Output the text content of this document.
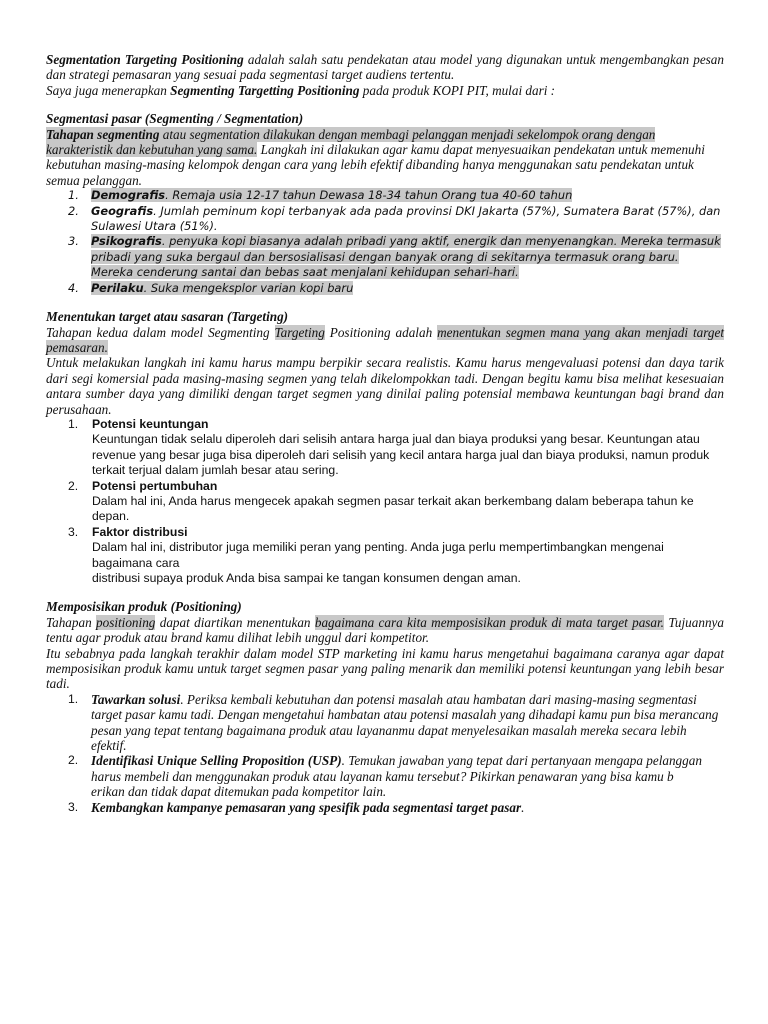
Segmentation Targeting Positioning adalah salah satu pendekatan atau model yang digunakan untuk mengembangkan pesan dan strategi pemasaran yang sesuai pada segmentasi target audiens tertentu.

Saya juga menerapkan Segmenting Targetting Positioning pada produk KOPI PIT, mulai dari :

Segmentasi pasar (Segmenting / Segmentation)

Tahapan segmenting atau segmentation dilakukan dengan membagi pelanggan menjadi sekelompok orang dengan karakteristik dan kebutuhan yang sama. Langkah ini dilakukan agar kamu dapat menyesuaikan pendekatan untuk memenuhi kebutuhan masing-masing kelompok dengan cara yang lebih efektif dibanding hanya menggunakan satu pendekatan untuk semua pelanggan.

1. Demografis. Remaja usia 12-17 tahun Dewasa 18-34 tahun Orang tua 40-60 tahun
2. Geografis. Jumlah peminum kopi terbanyak ada pada provinsi DKI Jakarta (57%), Sumatera Barat (57%), dan Sulawesi Utara (51%).
3. Psikografis. penyuka kopi biasanya adalah pribadi yang aktif, energik dan menyenangkan. Mereka termasuk pribadi yang suka bergaul dan bersosialisasi dengan banyak orang di sekitarnya termasuk orang baru. Mereka cenderung santai dan bebas saat menjalani kehidupan sehari-hari.
4. Perilaku. Suka mengeksplor varian kopi baru

Menentukan target atau sasaran (Targeting)

Tahapan kedua dalam model Segmenting Targeting Positioning adalah menentukan segmen mana yang akan menjadi target pemasaran.

Untuk melakukan langkah ini kamu harus mampu berpikir secara realistis. Kamu harus mengevaluasi potensi dan daya tarik dari segi komersial pada masing-masing segmen yang telah dikelompokkan tadi. Dengan begitu kamu bisa melihat kesesuaian antara sumber daya yang dimiliki dengan target segmen yang dinilai paling potensial membawa keuntungan bagi brand dan perusahaan.

1. Potensi keuntungan
Keuntungan tidak selalu diperoleh dari selisih antara harga jual dan biaya produksi yang besar. Keuntungan atau revenue yang besar juga bisa diperoleh dari selisih yang kecil antara harga jual dan biaya produksi, namun produk terkait terjual dalam jumlah besar atau sering.
2. Potensi pertumbuhan
Dalam hal ini, Anda harus mengecek apakah segmen pasar terkait akan berkembang dalam beberapa tahun ke depan.
3. Faktor distribusi
Dalam hal ini, distributor juga memiliki peran yang penting. Anda juga perlu mempertimbangkan mengenai bagaimana cara
distribusi supaya produk Anda bisa sampai ke tangan konsumen dengan aman.

Memposisikan produk (Positioning)

Tahapan positioning dapat diartikan menentukan bagaimana cara kita memposisikan produk di mata target pasar. Tujuannya tentu agar produk atau brand kamu dilihat lebih unggul dari kompetitor.

Itu sebabnya pada langkah terakhir dalam model STP marketing ini kamu harus mengetahui bagaimana caranya agar dapat memposisikan produk kamu untuk target segmen pasar yang paling menarik dan memiliki potensi keuntungan yang lebih besar tadi.

1. Tawarkan solusi. Periksa kembali kebutuhan dan potensi masalah atau hambatan dari masing-masing segmentasi target pasar kamu tadi. Dengan mengetahui hambatan atau potensi masalah yang dihadapi kamu pun bisa merancang pesan yang tepat tentang bagaimana produk atau layananmu dapat menyelesaikan masalah mereka secara lebih efektif.
2. Identifikasi Unique Selling Proposition (USP). Temukan jawaban yang tepat dari pertanyaan mengapa pelanggan harus membeli dan menggunakan produk atau layanan kamu tersebut? Pikirkan penawaran yang bisa kamu b
erikan dan tidak dapat ditemukan pada kompetitor lain.
3. Kembangkan kampanye pemasaran yang spesifik pada segmentasi target pasar.
